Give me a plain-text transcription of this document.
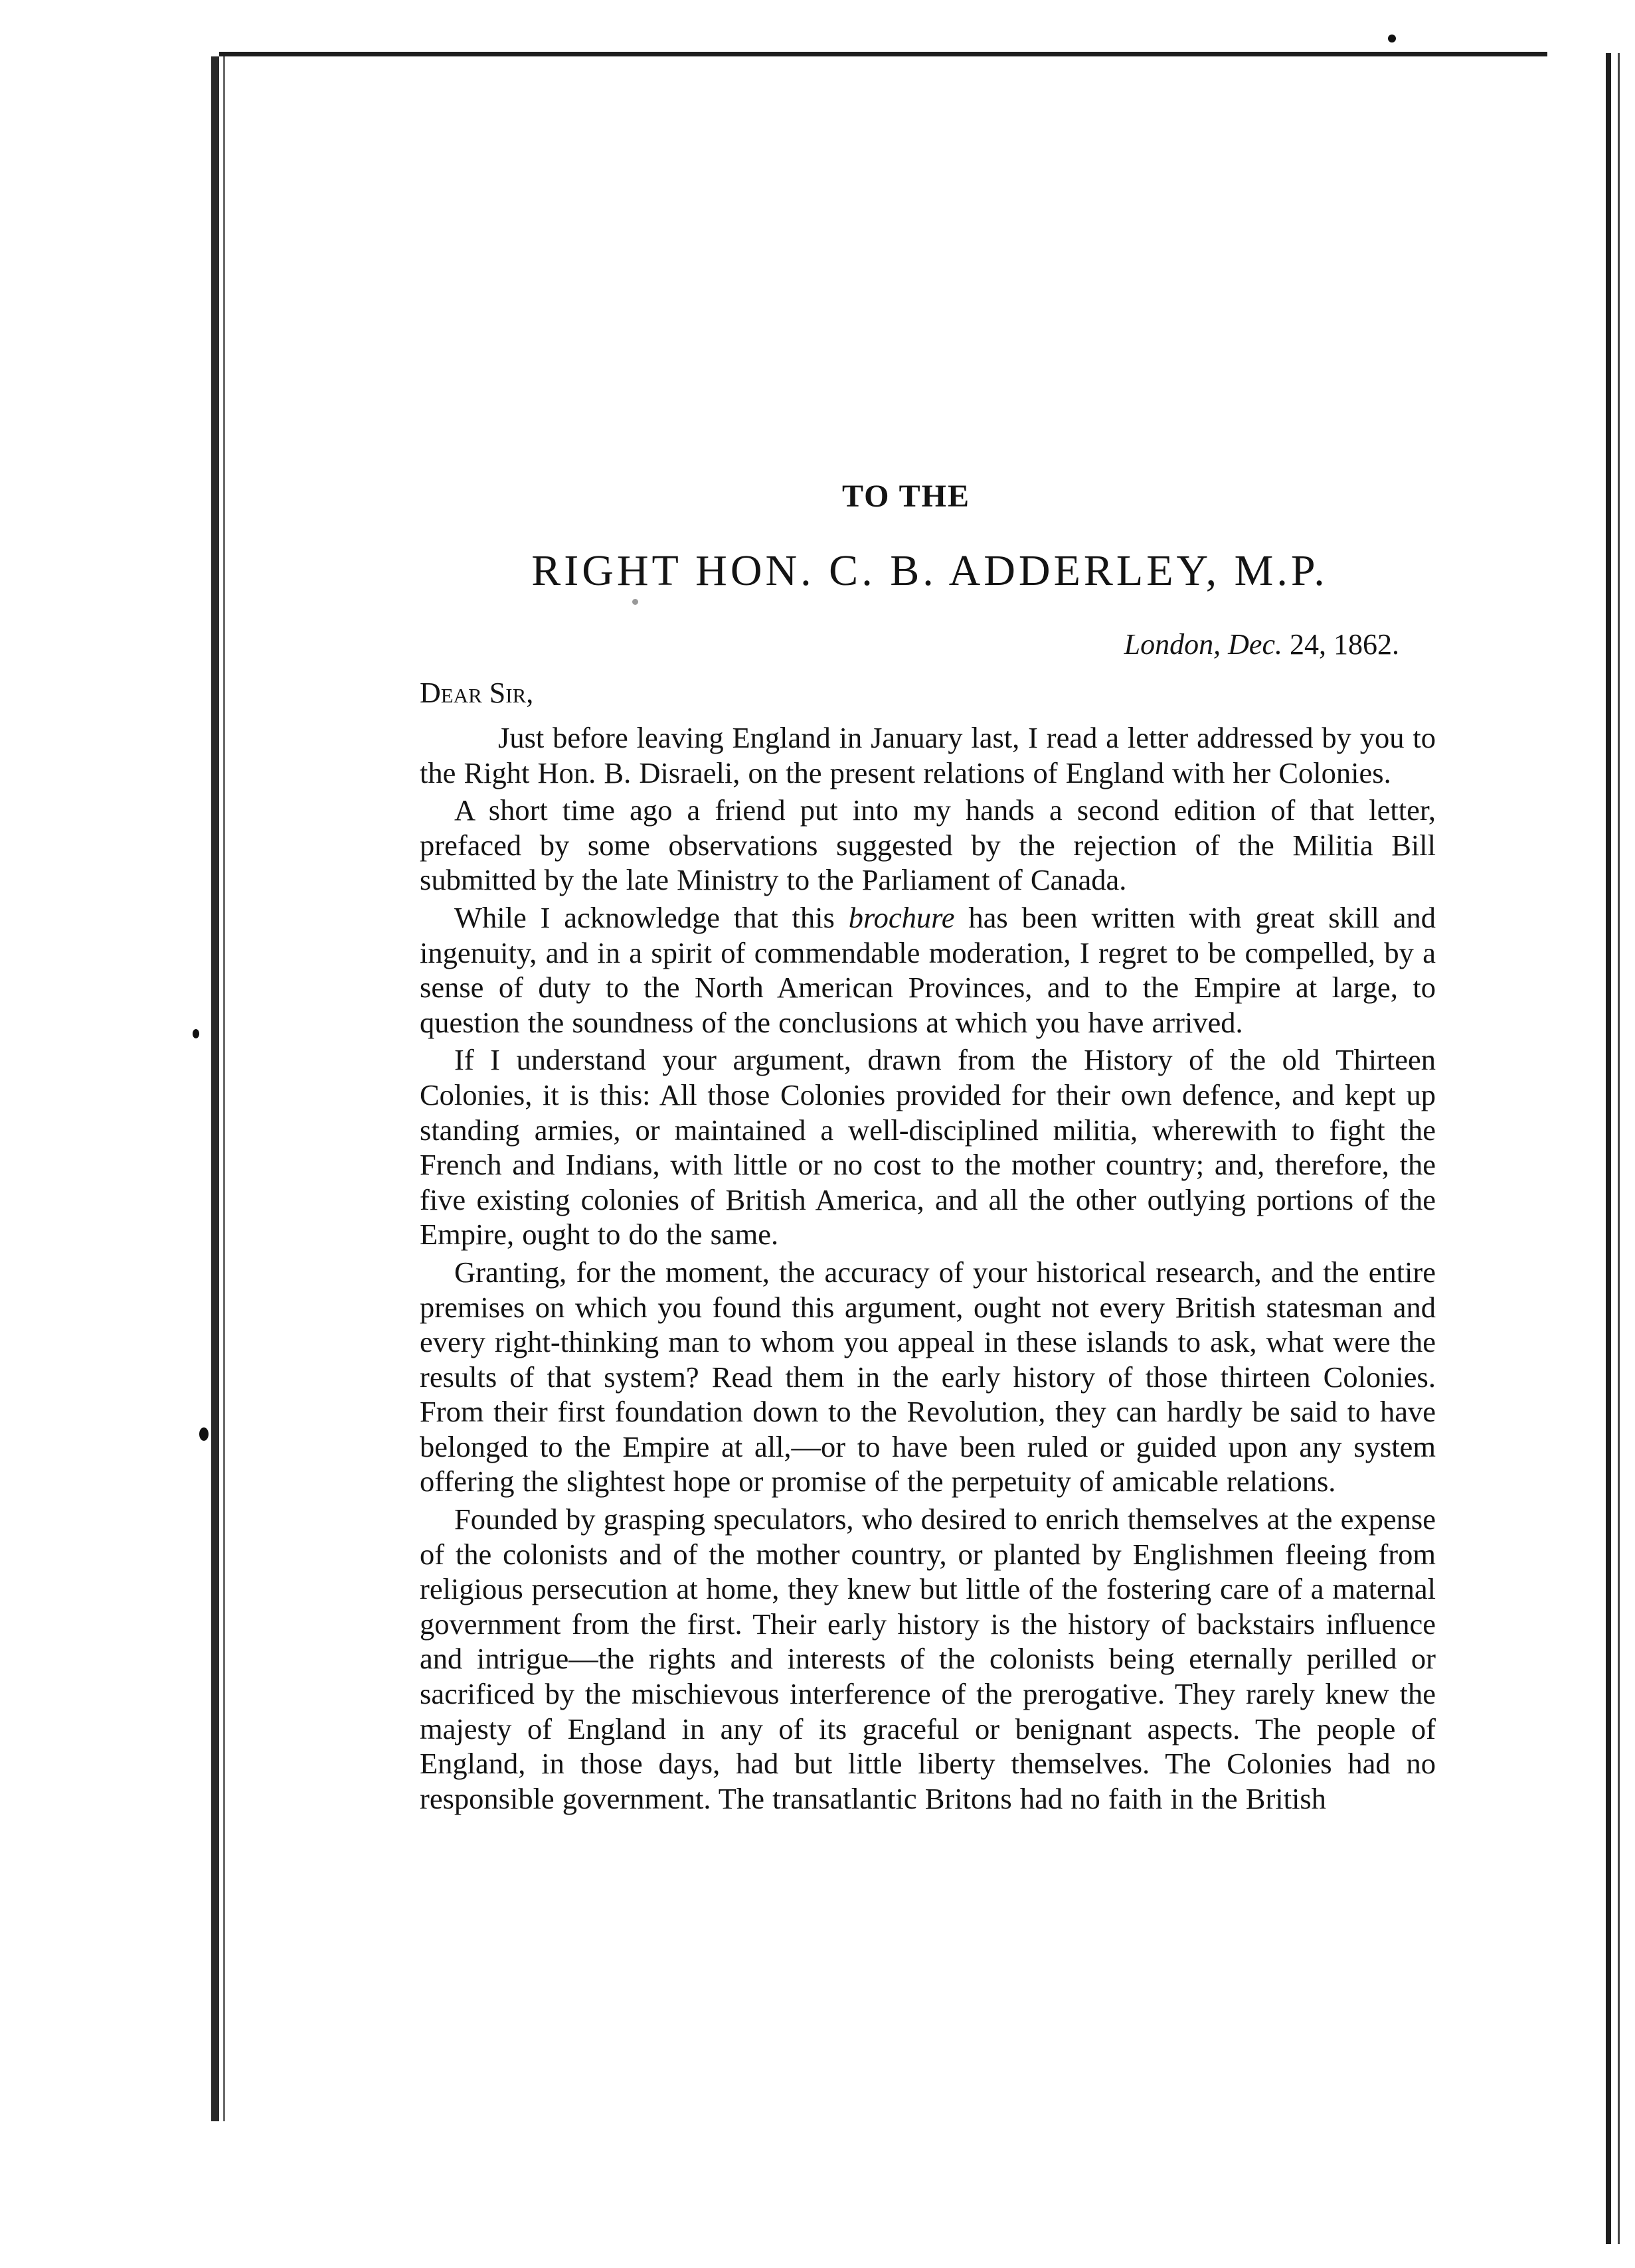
TO THE
RIGHT HON. C. B. ADDERLEY, M.P.
London, Dec. 24, 1862.
Dear Sir,

Just before leaving England in January last, I read a letter addressed by you to the Right Hon. B. Disraeli, on the present relations of England with her Colonies.

A short time ago a friend put into my hands a second edition of that letter, prefaced by some observations suggested by the rejection of the Militia Bill submitted by the late Ministry to the Parliament of Canada.

While I acknowledge that this brochure has been written with great skill and ingenuity, and in a spirit of commendable moderation, I regret to be compelled, by a sense of duty to the North American Provinces, and to the Empire at large, to question the soundness of the conclusions at which you have arrived.

If I understand your argument, drawn from the History of the old Thirteen Colonies, it is this: All those Colonies provided for their own defence, and kept up standing armies, or maintained a well-disciplined militia, wherewith to fight the French and Indians, with little or no cost to the mother country; and, therefore, the five existing colonies of British America, and all the other outlying portions of the Empire, ought to do the same.

Granting, for the moment, the accuracy of your historical research, and the entire premises on which you found this argument, ought not every British statesman and every right-thinking man to whom you appeal in these islands to ask, what were the results of that system? Read them in the early history of those thirteen Colonies. From their first foundation down to the Revolution, they can hardly be said to have belonged to the Empire at all,—or to have been ruled or guided upon any system offering the slightest hope or promise of the perpetuity of amicable relations.

Founded by grasping speculators, who desired to enrich themselves at the expense of the colonists and of the mother country, or planted by Englishmen fleeing from religious persecution at home, they knew but little of the fostering care of a maternal government from the first. Their early history is the history of backstairs influence and intrigue—the rights and interests of the colonists being eternally perilled or sacrificed by the mischievous interference of the prerogative. They rarely knew the majesty of England in any of its graceful or benignant aspects. The people of England, in those days, had but little liberty themselves. The Colonies had no responsible government. The transatlantic Britons had no faith in the British
